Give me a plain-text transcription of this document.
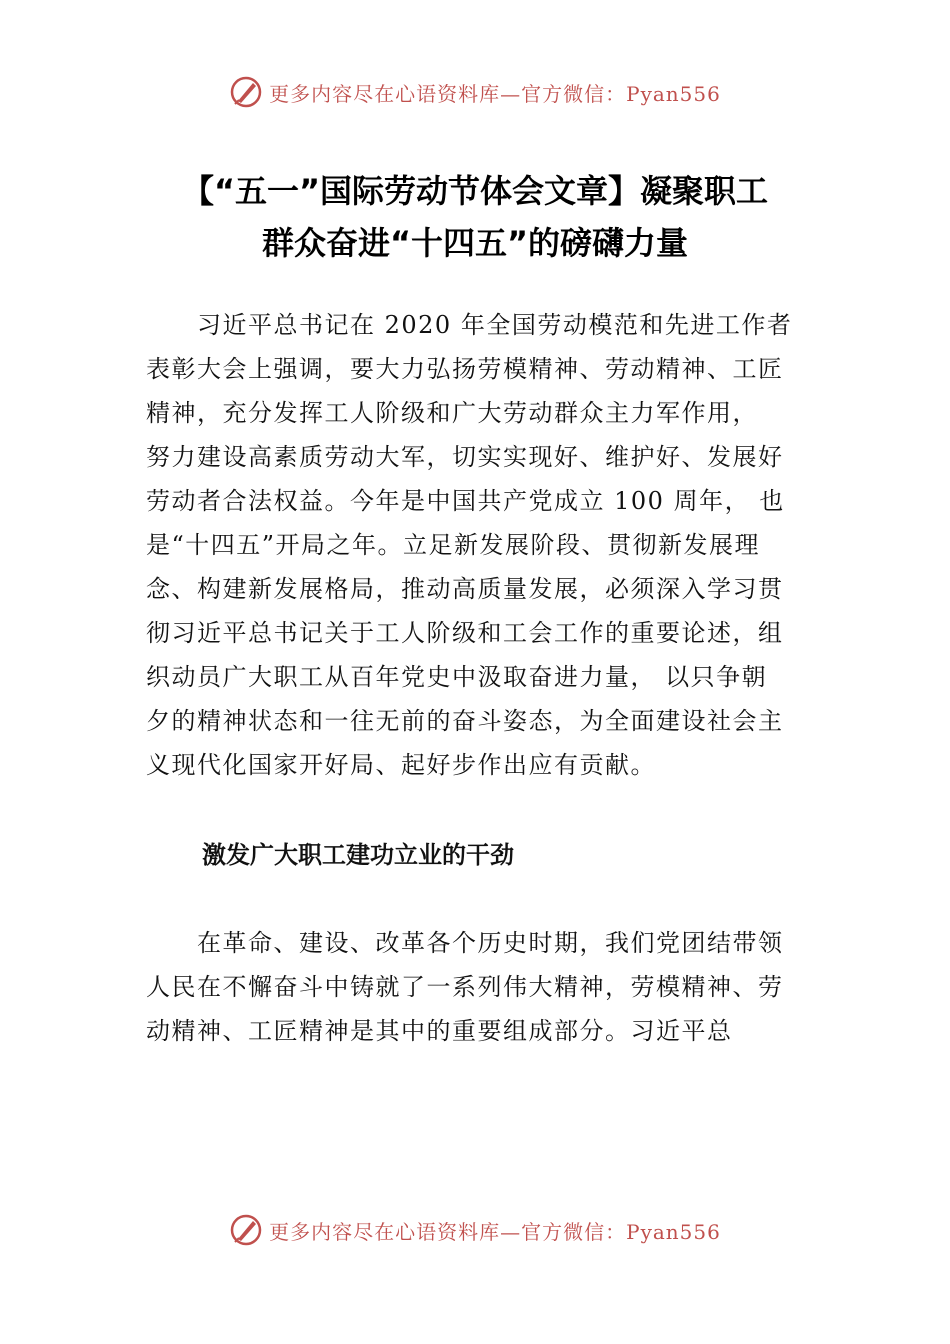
更多内容尽在心语资料库—官方微信：Pyan556
【“五一”国际劳动节体会文章】凝聚职工
群众奋进“十四五”的磅礴力量

　　习近平总书记在 2020 年全国劳动模范和先进工作者
表彰大会上强调，要大力弘扬劳模精神、劳动精神、工匠
精神，充分发挥工人阶级和广大劳动群众主力军作用，
努力建设高素质劳动大军，切实实现好、维护好、发展好
劳动者合法权益。今年是中国共产党成立 100 周年， 也
是“十四五”开局之年。立足新发展阶段、贯彻新发展理
念、构建新发展格局，推动高质量发展，必须深入学习贯
彻习近平总书记关于工人阶级和工会工作的重要论述，组
织动员广大职工从百年党史中汲取奋进力量， 以只争朝
夕的精神状态和一往无前的奋斗姿态，为全面建设社会主
义现代化国家开好局、起好步作出应有贡献。

激发广大职工建功立业的干劲

　　在革命、建设、改革各个历史时期，我们党团结带领
人民在不懈奋斗中铸就了一系列伟大精神，劳模精神、劳
动精神、工匠精神是其中的重要组成部分。习近平总

更多内容尽在心语资料库—官方微信：Pyan556
